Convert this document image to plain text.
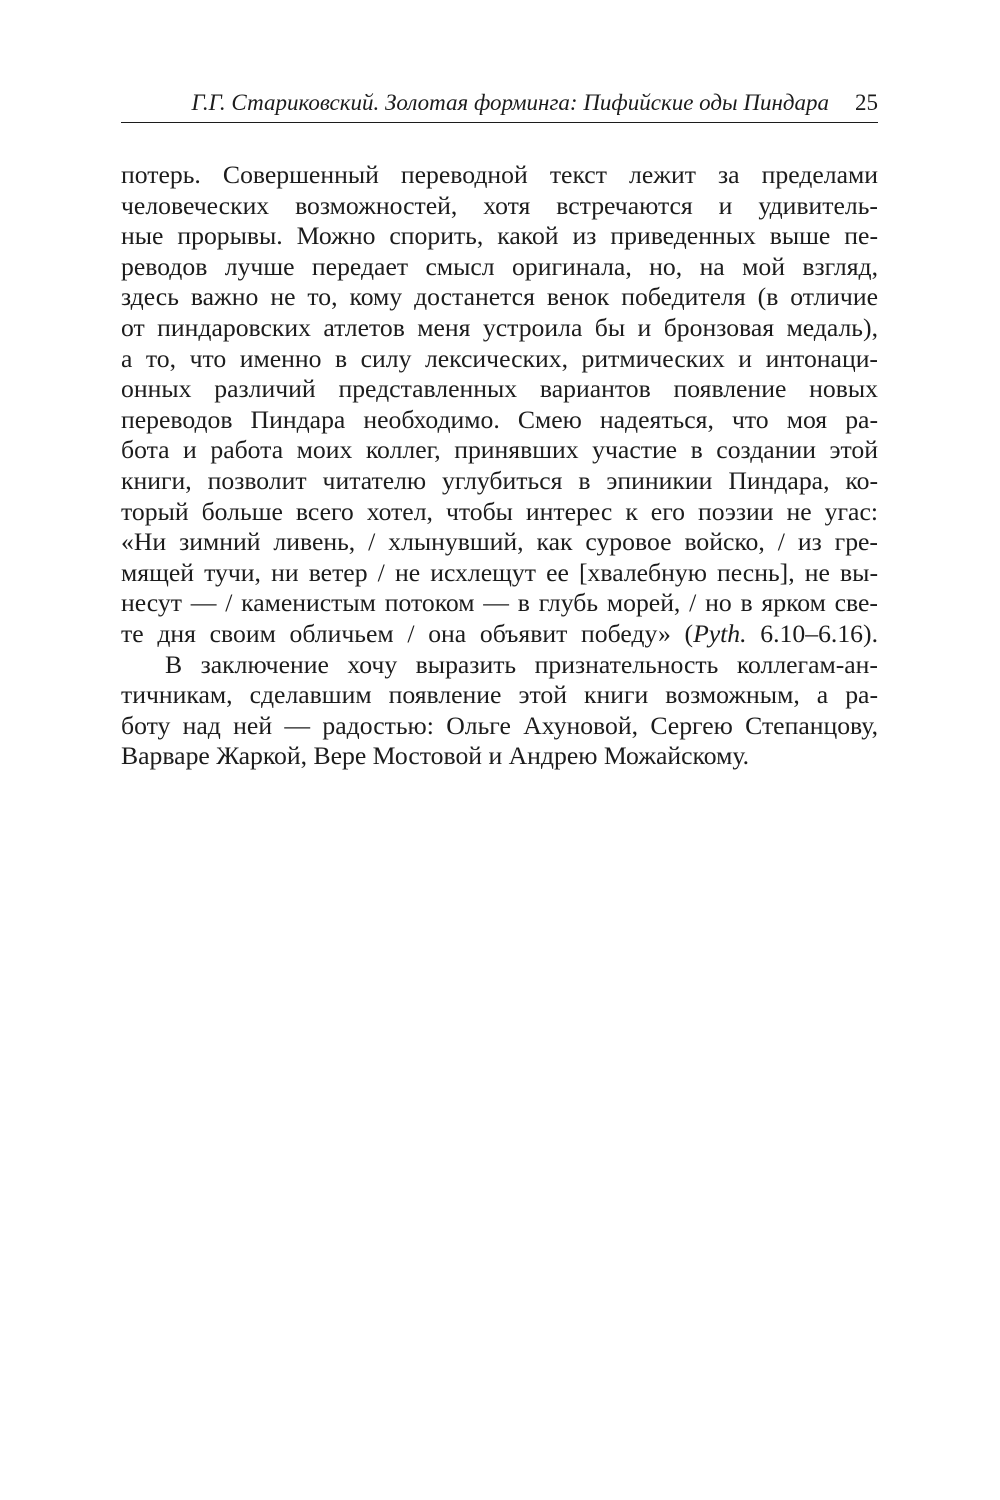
Г.Г. Стариковский. Золотая форминга: Пифийские оды Пиндара 25
потерь. Совершенный переводной текст лежит за пределами
человеческих возможностей, хотя встречаются и удивитель-
ные прорывы. Можно спорить, какой из приведенных выше пе-
реводов лучше передает смысл оригинала, но, на мой взгляд,
здесь важно не то, кому достанется венок победителя (в отличие
от пиндаровских атлетов меня устроила бы и бронзовая медаль),
а то, что именно в силу лексических, ритмических и интонаци-
онных различий представленных вариантов появление новых
переводов Пиндара необходимо. Смею надеяться, что моя ра-
бота и работа моих коллег, принявших участие в создании этой
книги, позволит читателю углубиться в эпиникии Пиндара, ко-
торый больше всего хотел, чтобы интерес к его поэзии не угас:
«Ни зимний ливень, / хлынувший, как суровое войско, / из гре-
мящей тучи, ни ветер / не исхлещут ее [хвалебную песнь], не вы-
несут — / каменистым потоком — в глубь морей, / но в ярком све-
те дня своим обличьем / она объявит победу» (Pyth. 6.10–6.16).
В заключение хочу выразить признательность коллегам-ан-
тичникам, сделавшим появление этой книги возможным, а ра-
боту над ней — радостью: Ольге Ахуновой, Сергею Степанцову,
Варваре Жаркой, Вере Мостовой и Андрею Можайскому.
